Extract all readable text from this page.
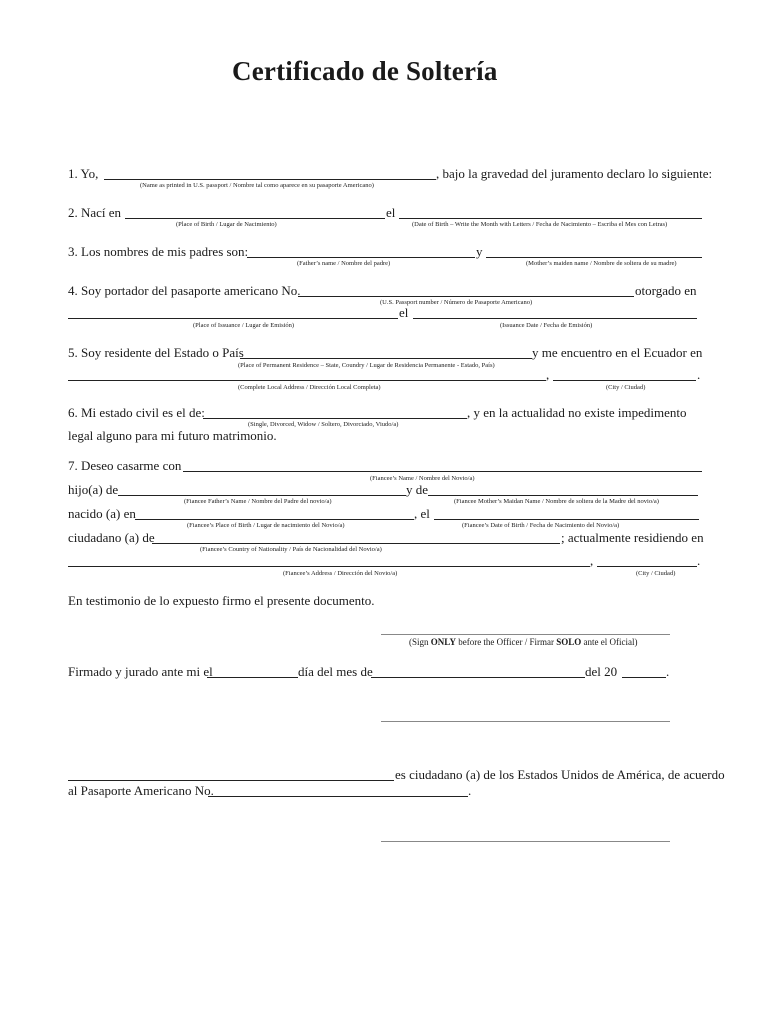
Certificado de Soltería
1. Yo,	, bajo la gravedad del juramento declaro lo siguiente:
(Name as printed in U.S. passport / Nombre tal como aparece en su pasaporte Americano)
2. Nací en	el
(Place of Birth / Lugar de Nacimiento)	(Date of Birth – Write the Month with Letters / Fecha de Nacimiento – Escriba el Mes con Letras)
3. Los nombres de mis padres son:	y
(Father’s name / Nombre del padre)	(Mother’s maiden name / Nombre de soltera de su madre)
4. Soy portador del pasaporte americano No.	otorgado en
(U.S. Passport number / Número de Pasaporte Americano)
el
(Place of Issuance / Lugar de Emisión)	(Issuance Date / Fecha de Emisión)
5. Soy residente del Estado o País	y me encuentro en el Ecuador en
(Place of Permanent Residence – State, Coundry / Lugar de Residencia Permanente - Estado, País)
,	.
(Complete Local Address / Dirección Local Completa)	(City / Ciudad)
6. Mi estado civil es el de:	, y en la actualidad no existe impedimento
(Single, Divorced, Widow / Soltero, Divorciado, Viudo/a)
legal alguno para mi futuro matrimonio.
7. Deseo casarme con
(Fiancee’s Name / Nombre del Novio/a)
hijo(a) de	y de
(Fiancee Father’s Name / Nombre del Padre del novio/a)	(Fiancee Mother’s Maidan Name / Nombre de soltera de la Madre del novio/a)
nacido (a) en	, el
(Fiancee’s Place of Birth / Lugar de nacimiento del Novio/a)	(Fiancee’s Date of Birth / Fecha de Nacimiento del Novio/a)
ciudadano (a) de	; actualmente residiendo en
(Fiancee’s Country of Nationality / País de Nacionalidad del Novio/a)
,	.
(Fiancee’s Address / Dirección del Novio/a)	(City / Ciudad)
En testimonio de lo expuesto firmo el presente documento.
(Sign ONLY before the Officer / Firmar SOLO ante el Oficial)
Firmado y jurado ante mi el	día del mes de	del 20	.
es ciudadano (a) de los Estados Unidos de América, de acuerdo
al Pasaporte Americano No.	.
